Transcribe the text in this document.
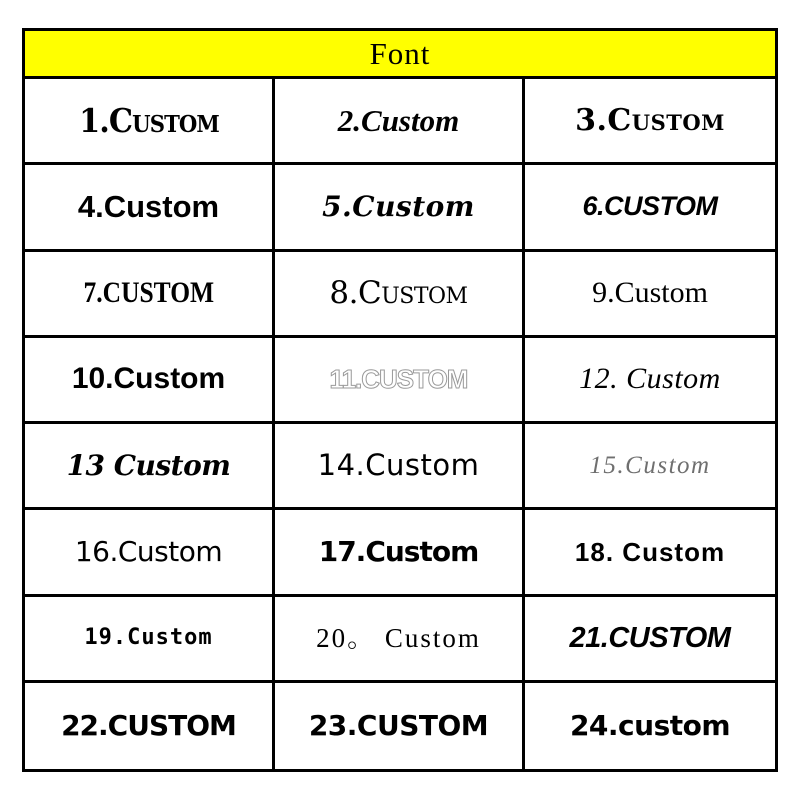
Font
1.Custom	2.Custom	3.Custom
4.Custom	5.Custom	6.CUSTOM
7.CUSTOM	8.Custom	9.Custom
10.Custom	11.CUSTOM	12. Custom
13 Custom	14.Custom	15.Custom
16.Custom	17.Custom	18. Custom
19.Custom	20。 Custom	21.CUSTOM
22.CUSTOM	23.CUSTOM	24.custom
